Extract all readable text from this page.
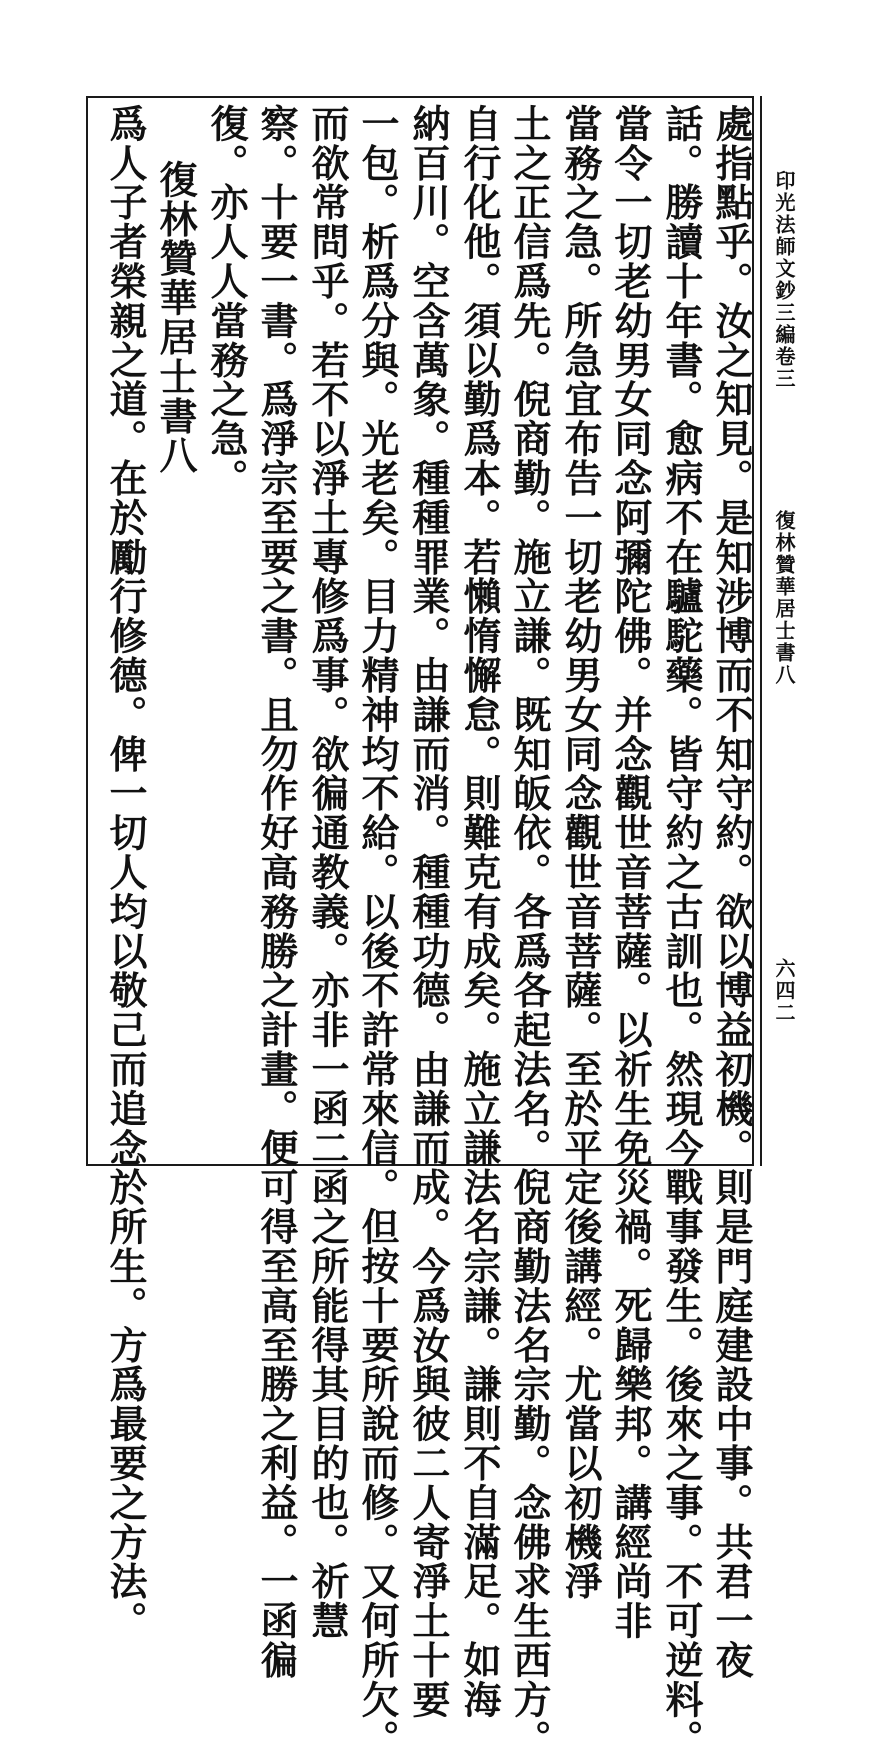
印光法師文鈔三編卷三
復林贊華居士書八
六四二
處指點乎。汝之知見。是知涉博而不知守約。欲以博益初機。則是門庭建設中事。共君一夜
話。勝讀十年書。愈病不在驢駝藥。皆守約之古訓也。然現今戰事發生。後來之事。不可逆料。
當令一切老幼男女同念阿彌陀佛。并念觀世音菩薩。以祈生免災禍。死歸樂邦。講經尚非
當務之急。所急宜布告一切老幼男女同念觀世音菩薩。至於平定後講經。尤當以初機淨
土之正信爲先。倪商勤。施立謙。既知皈依。各爲各起法名。倪商勤法名宗勤。念佛求生西方。
自行化他。須以勤爲本。若懶惰懈怠。則難克有成矣。施立謙法名宗謙。謙則不自滿足。如海
納百川。空含萬象。種種罪業。由謙而消。種種功德。由謙而成。今爲汝與彼二人寄淨土十要
一包。析爲分與。光老矣。目力精神均不給。以後不許常來信。但按十要所說而修。又何所欠。
而欲常問乎。若不以淨土專修爲事。欲徧通教義。亦非一函二函之所能得其目的也。祈慧
察。十要一書。爲淨宗至要之書。且勿作好高務勝之計畫。便可得至高至勝之利益。一函徧
復。亦人人當務之急。
復林贊華居士書八
爲人子者榮親之道。在於勵行修德。俾一切人均以敬己而追念於所生。方爲最要之方法。
